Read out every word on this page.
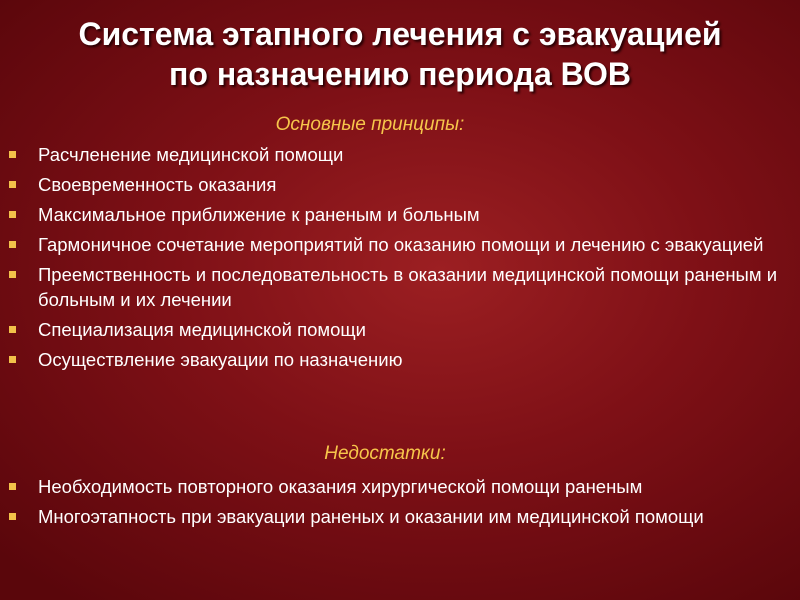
Система этапного лечения с эвакуацией
по назначению периода ВОВ
Основные принципы:
Расчленение медицинской помощи
Своевременность оказания
Максимальное приближение к раненым и больным
Гармоничное сочетание мероприятий по оказанию помощи и лечению с эвакуацией
Преемственность и последовательность в оказании медицинской помощи раненым и больным и их лечении
Специализация медицинской помощи
Осуществление эвакуации по назначению
Недостатки:
Необходимость повторного оказания хирургической помощи раненым
Многоэтапность при эвакуации раненых и оказании им медицинской помощи
